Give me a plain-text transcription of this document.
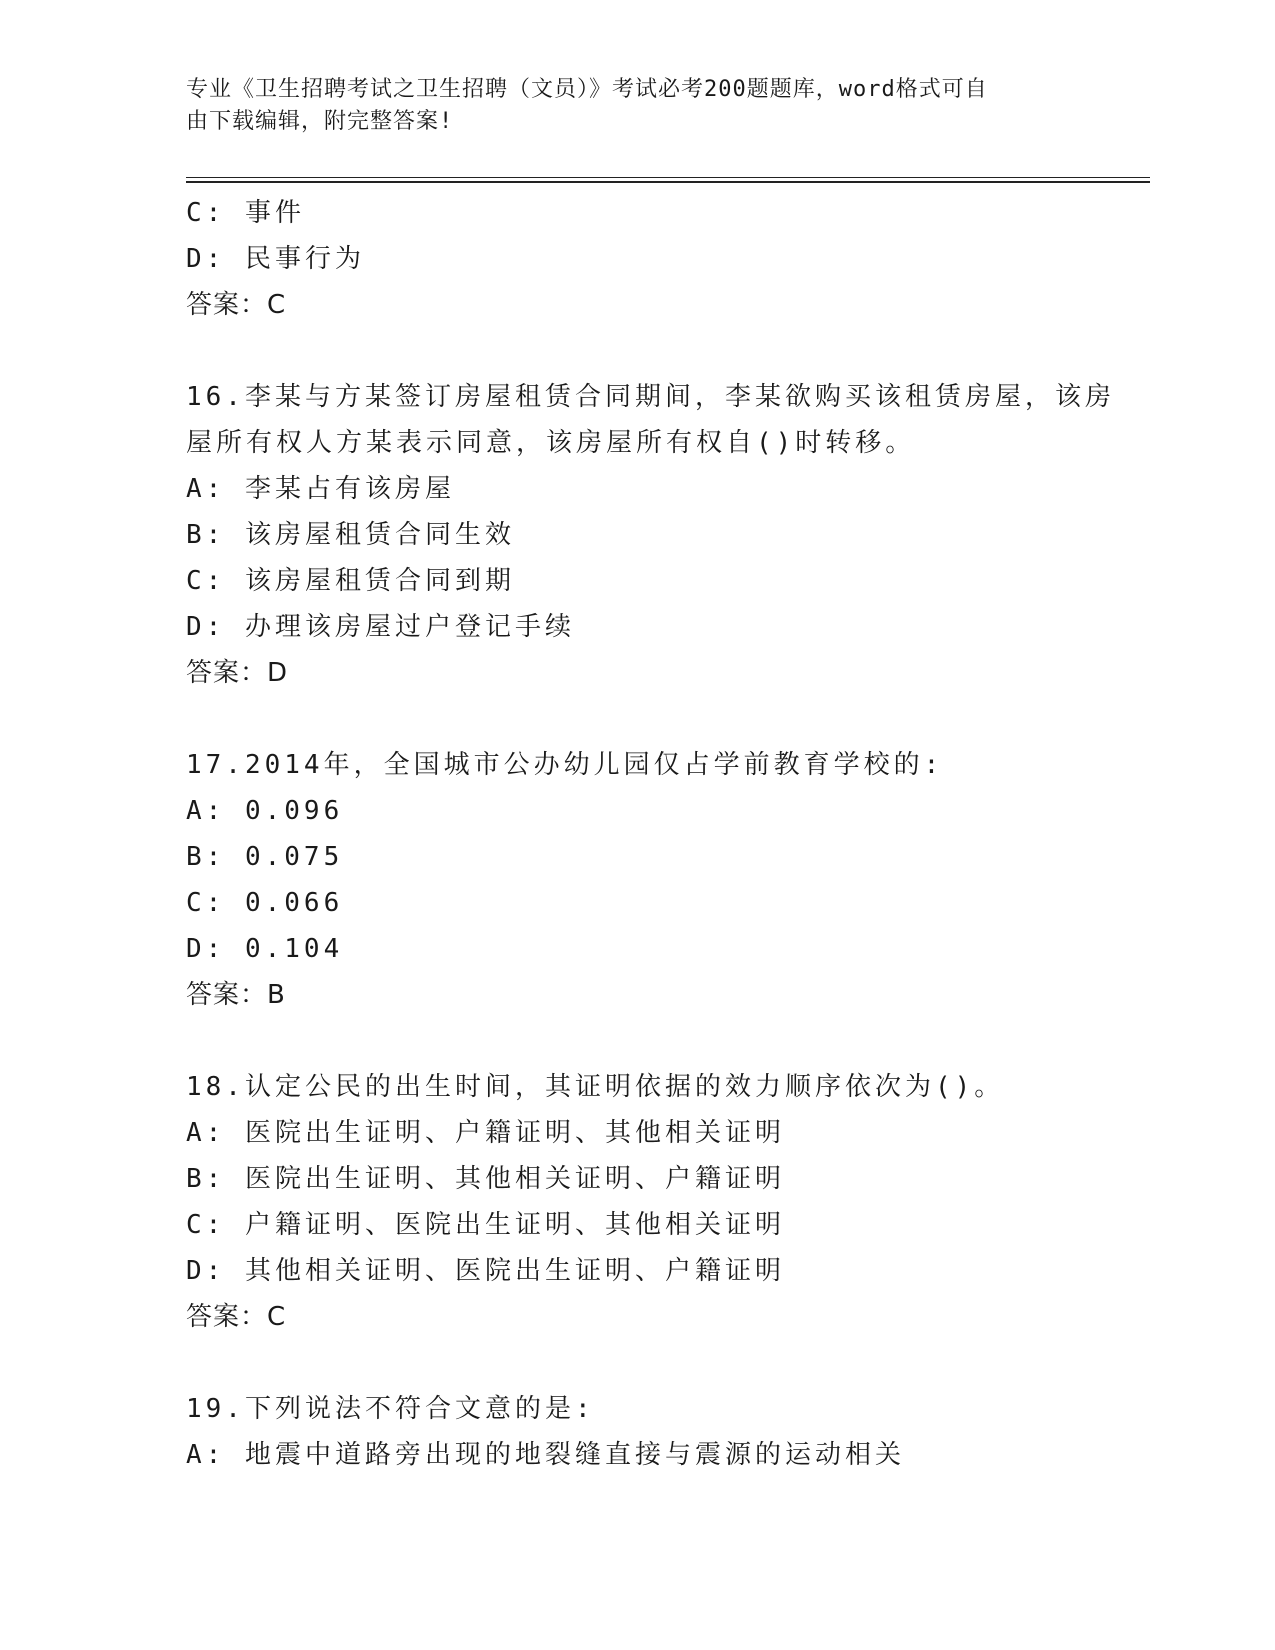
专业《卫生招聘考试之卫生招聘（文员）》考试必考200题题库，word格式可自
由下载编辑，附完整答案!
C: 事件
D: 民事行为
答案：C
16.李某与方某签订房屋租赁合同期间，李某欲购买该租赁房屋，该房
屋所有权人方某表示同意，该房屋所有权自()时转移。
A: 李某占有该房屋
B: 该房屋租赁合同生效
C: 该房屋租赁合同到期
D: 办理该房屋过户登记手续
答案：D
17.2014年，全国城市公办幼儿园仅占学前教育学校的:
A: 0.096
B: 0.075
C: 0.066
D: 0.104
答案：B
18.认定公民的出生时间，其证明依据的效力顺序依次为()。
A: 医院出生证明、户籍证明、其他相关证明
B: 医院出生证明、其他相关证明、户籍证明
C: 户籍证明、医院出生证明、其他相关证明
D: 其他相关证明、医院出生证明、户籍证明
答案：C
19.下列说法不符合文意的是:
A: 地震中道路旁出现的地裂缝直接与震源的运动相关
